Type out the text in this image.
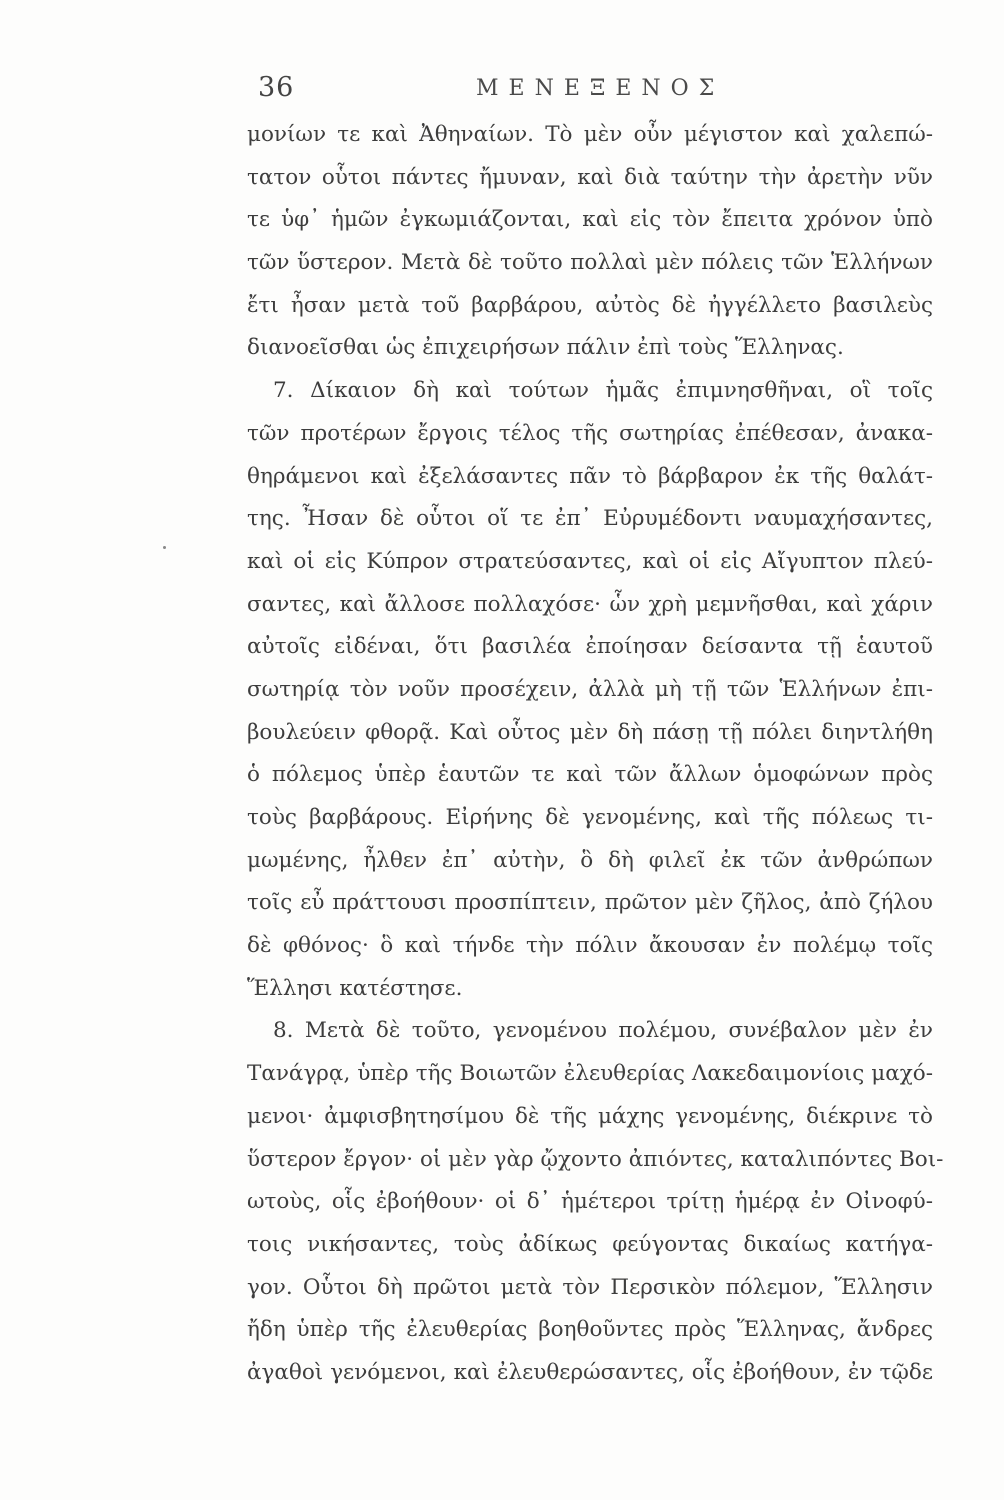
36	ΜΕΝΕΞΕΝΟΣ
μονίων τε καὶ Ἀθηναίων. Τὸ μὲν οὖν μέγιστον καὶ χαλεπώ-
τατον οὗτοι πάντες ἤμυναν, καὶ διὰ ταύτην τὴν ἀρετὴν νῦν
τε ὑφ᾽ ἡμῶν ἐγκωμιάζονται, καὶ εἰς τὸν ἔπειτα χρόνον ὑπὸ
τῶν ὕστερον. Μετὰ δὲ τοῦτο πολλαὶ μὲν πόλεις τῶν Ἑλλήνων
ἔτι ἦσαν μετὰ τοῦ βαρβάρου, αὐτὸς δὲ ἠγγέλλετο βασιλεὺς
διανοεῖσθαι ὡς ἐπιχειρήσων πάλιν ἐπὶ τοὺς Ἕλληνας.
7. Δίκαιον δὴ καὶ τούτων ἡμᾶς ἐπιμνησθῆναι, οἳ τοῖς
τῶν προτέρων ἔργοις τέλος τῆς σωτηρίας ἐπέθεσαν, ἀνακα-
θηράμενοι καὶ ἐξελάσαντες πᾶν τὸ βάρβαρον ἐκ τῆς θαλάτ-
της. Ἦσαν δὲ οὗτοι οἵ τε ἐπ᾽ Εὐρυμέδοντι ναυμαχήσαντες,
καὶ οἱ εἰς Κύπρον στρατεύσαντες, καὶ οἱ εἰς Αἴγυπτον πλεύ-
σαντες, καὶ ἄλλοσε πολλαχόσε· ὧν χρὴ μεμνῆσθαι, καὶ χάριν
αὐτοῖς εἰδέναι, ὅτι βασιλέα ἐποίησαν δείσαντα τῇ ἑαυτοῦ
σωτηρίᾳ τὸν νοῦν προσέχειν, ἀλλὰ μὴ τῇ τῶν Ἑλλήνων ἐπι-
βουλεύειν φθορᾷ. Καὶ οὗτος μὲν δὴ πάσῃ τῇ πόλει διηντλήθη
ὁ πόλεμος ὑπὲρ ἑαυτῶν τε καὶ τῶν ἄλλων ὁμοφώνων πρὸς
τοὺς βαρβάρους. Εἰρήνης δὲ γενομένης, καὶ τῆς πόλεως τι-
μωμένης, ἦλθεν ἐπ᾽ αὐτὴν, ὃ δὴ φιλεῖ ἐκ τῶν ἀνθρώπων
τοῖς εὖ πράττουσι προσπίπτειν, πρῶτον μὲν ζῆλος, ἀπὸ ζήλου
δὲ φθόνος· ὃ καὶ τήνδε τὴν πόλιν ἄκουσαν ἐν πολέμῳ τοῖς
Ἕλλησι κατέστησε.
8. Μετὰ δὲ τοῦτο, γενομένου πολέμου, συνέβαλον μὲν ἐν
Τανάγρᾳ, ὑπὲρ τῆς Βοιωτῶν ἐλευθερίας Λακεδαιμονίοις μαχό-
μενοι· ἀμφισβητησίμου δὲ τῆς μάχης γενομένης, διέκρινε τὸ
ὕστερον ἔργον· οἱ μὲν γὰρ ᾤχοντο ἀπιόντες, καταλιπόντες Βοι-
ωτοὺς, οἷς ἐβοήθουν· οἱ δ᾽ ἡμέτεροι τρίτῃ ἡμέρᾳ ἐν Οἰνοφύ-
τοις νικήσαντες, τοὺς ἀδίκως φεύγοντας δικαίως κατήγα-
γον. Οὗτοι δὴ πρῶτοι μετὰ τὸν Περσικὸν πόλεμον, Ἕλλησιν
ἤδη ὑπὲρ τῆς ἐλευθερίας βοηθοῦντες πρὸς Ἕλληνας, ἄνδρες
ἀγαθοὶ γενόμενοι, καὶ ἐλευθερώσαντες, οἷς ἐβοήθουν, ἐν τῷδε
